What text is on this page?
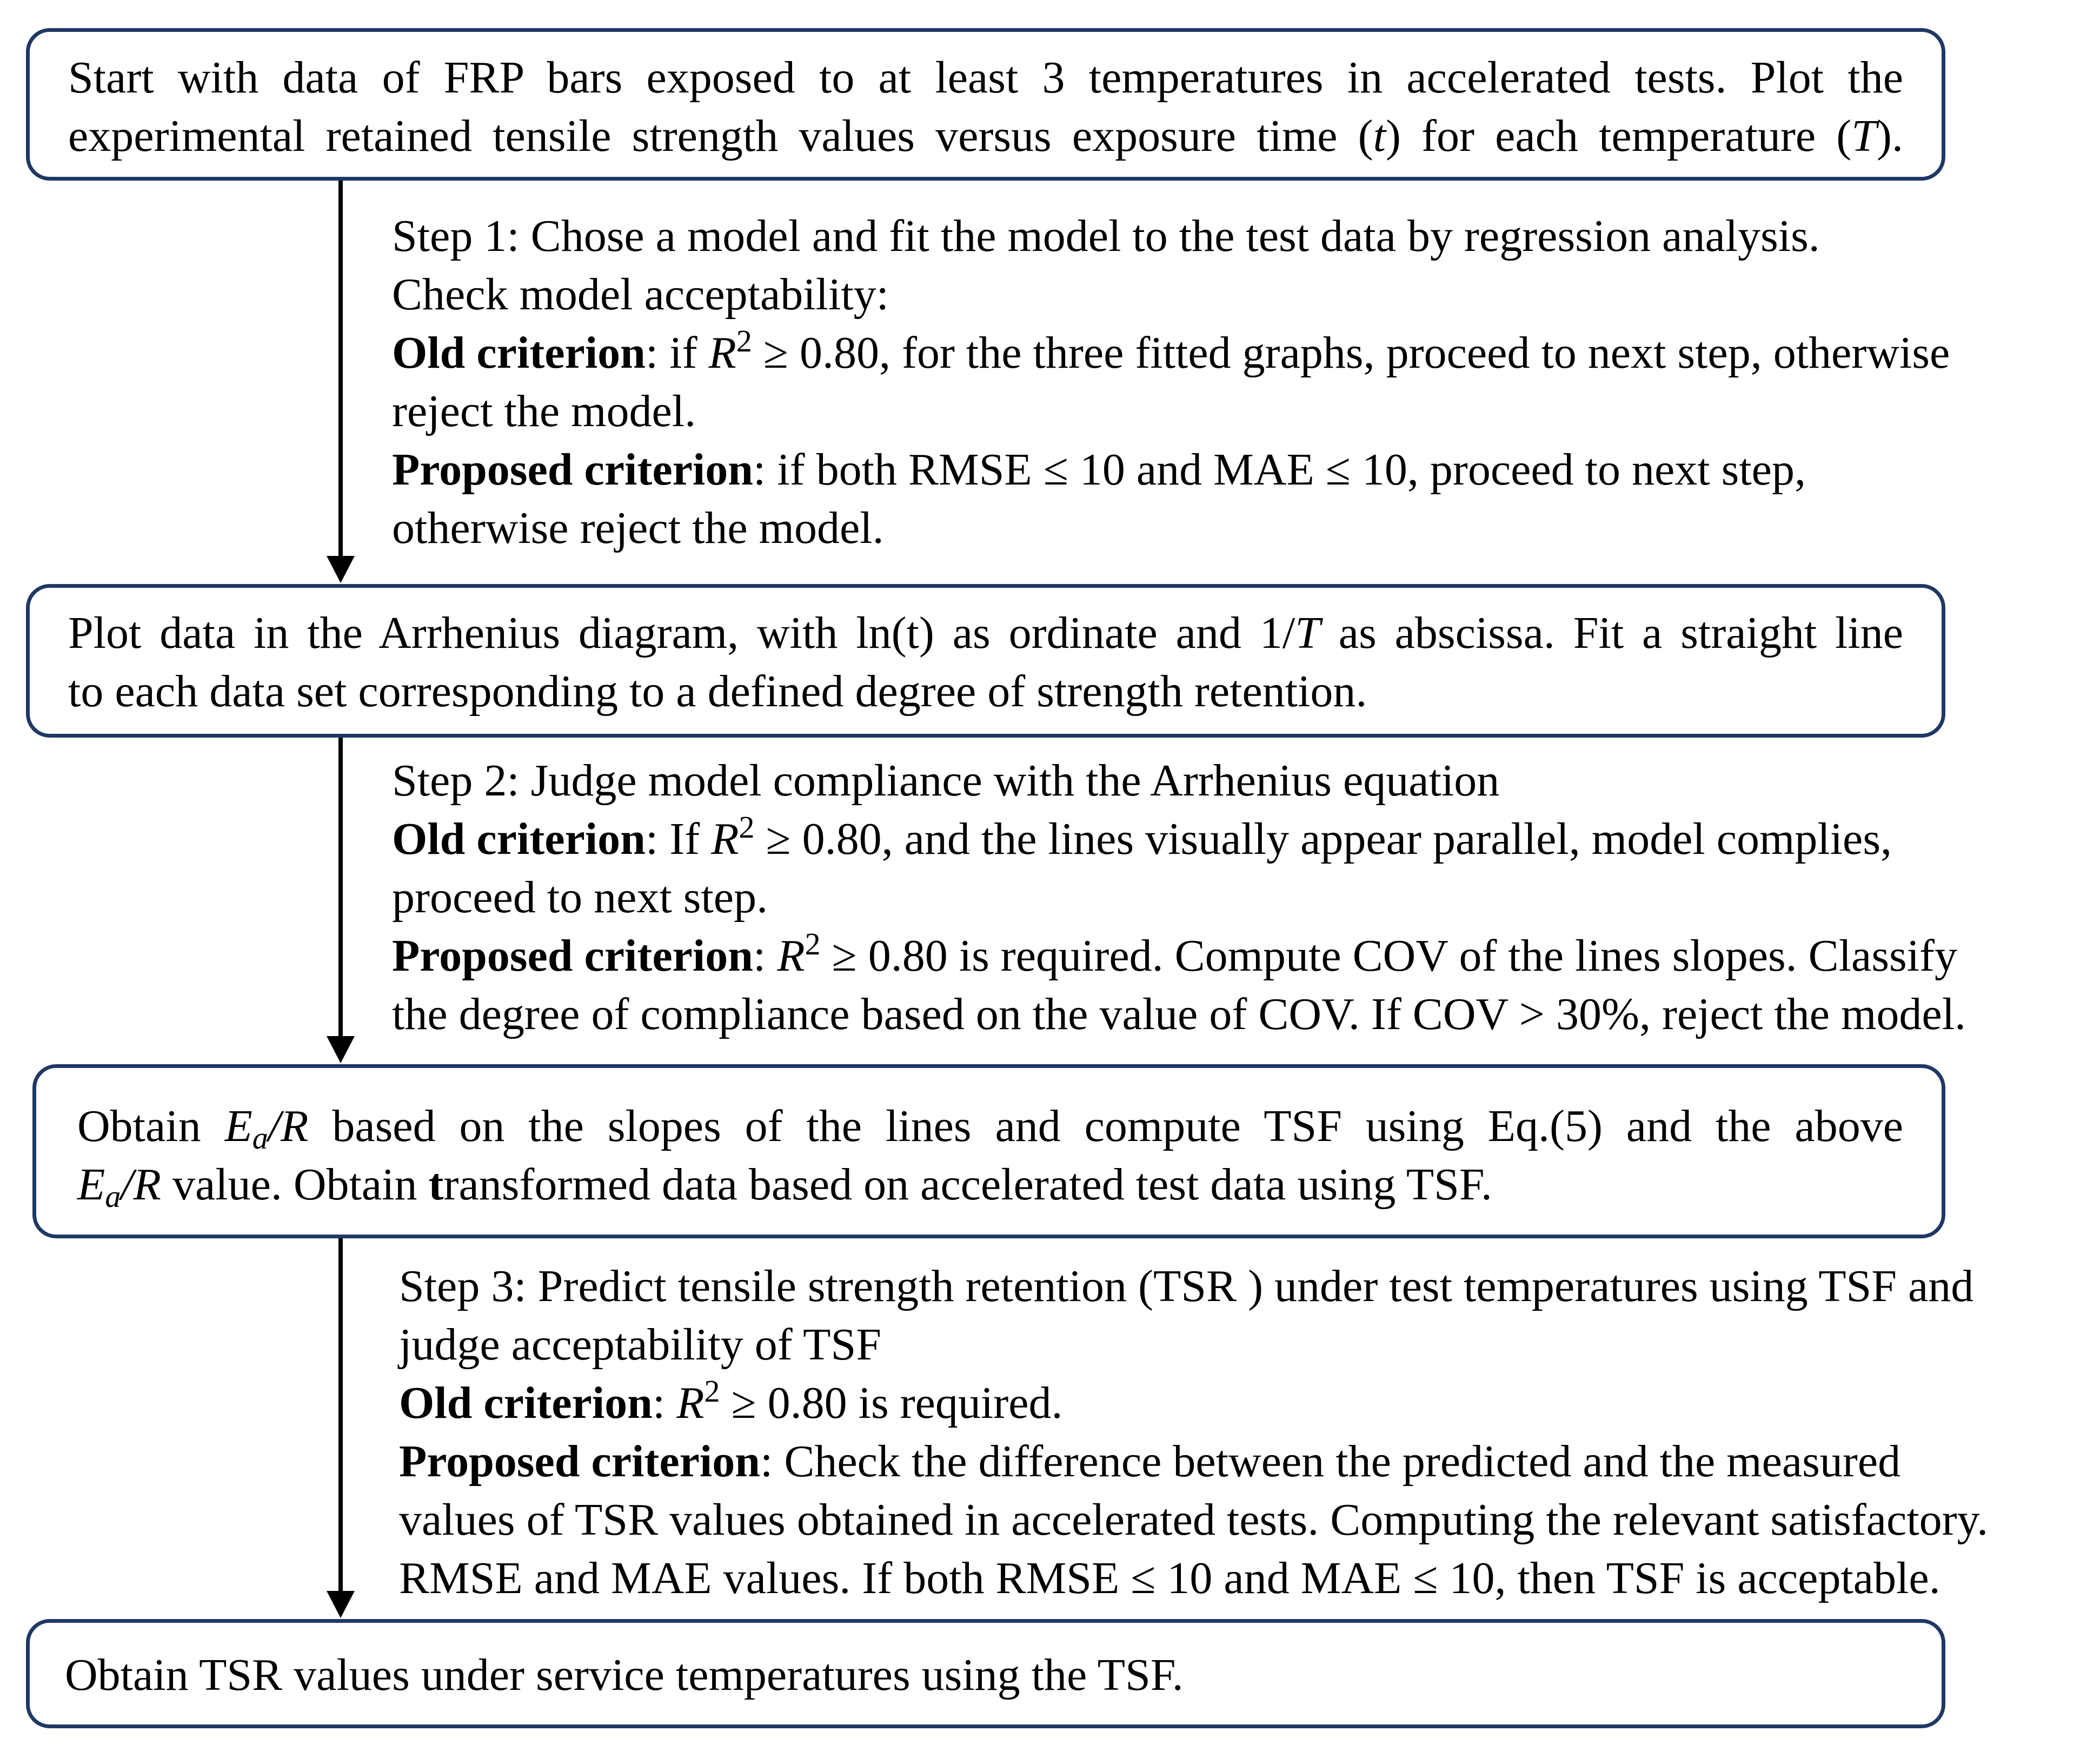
Start with data of FRP bars exposed to at least 3 temperatures in accelerated tests. Plot the
experimental retained tensile strength values versus exposure time (t) for each temperature (T).
Step 1: Chose a model and fit the model to the test data by regression analysis.
Check model acceptability:
Old criterion: if $R^2 \ge 0.80$, for the three fitted graphs, proceed to next step, otherwise
reject the model.
Proposed criterion: if both RMSE ≤ 10 and MAE ≤ 10, proceed to next step,
otherwise reject the model.
Plot data in the Arrhenius diagram, with ln(t) as ordinate and 1/T as abscissa. Fit a straight line
to each data set corresponding to a defined degree of strength retention.
Step 2: Judge model compliance with the Arrhenius equation
Old criterion: If $R^2 \ge 0.80$, and the lines visually appear parallel, model complies,
proceed to next step.
Proposed criterion: $R^2 \ge 0.80$ is required. Compute COV of the lines slopes. Classify
the degree of compliance based on the value of COV. If COV > 30%, reject the model.
Obtain $E_a/R$ based on the slopes of the lines and compute TSF using Eq.(5) and the above
$E_a/R$ value. Obtain transformed data based on accelerated test data using TSF.
Step 3: Predict tensile strength retention (TSR ) under test temperatures using TSF and
judge acceptability of TSF
Old criterion: $R^2 \ge 0.80$ is required.
Proposed criterion: Check the difference between the predicted and the measured
values of TSR values obtained in accelerated tests. Computing the relevant satisfactory.
RMSE and MAE values. If both RMSE ≤ 10 and MAE ≤ 10, then TSF is acceptable.
Obtain TSR values under service temperatures using the TSF.
